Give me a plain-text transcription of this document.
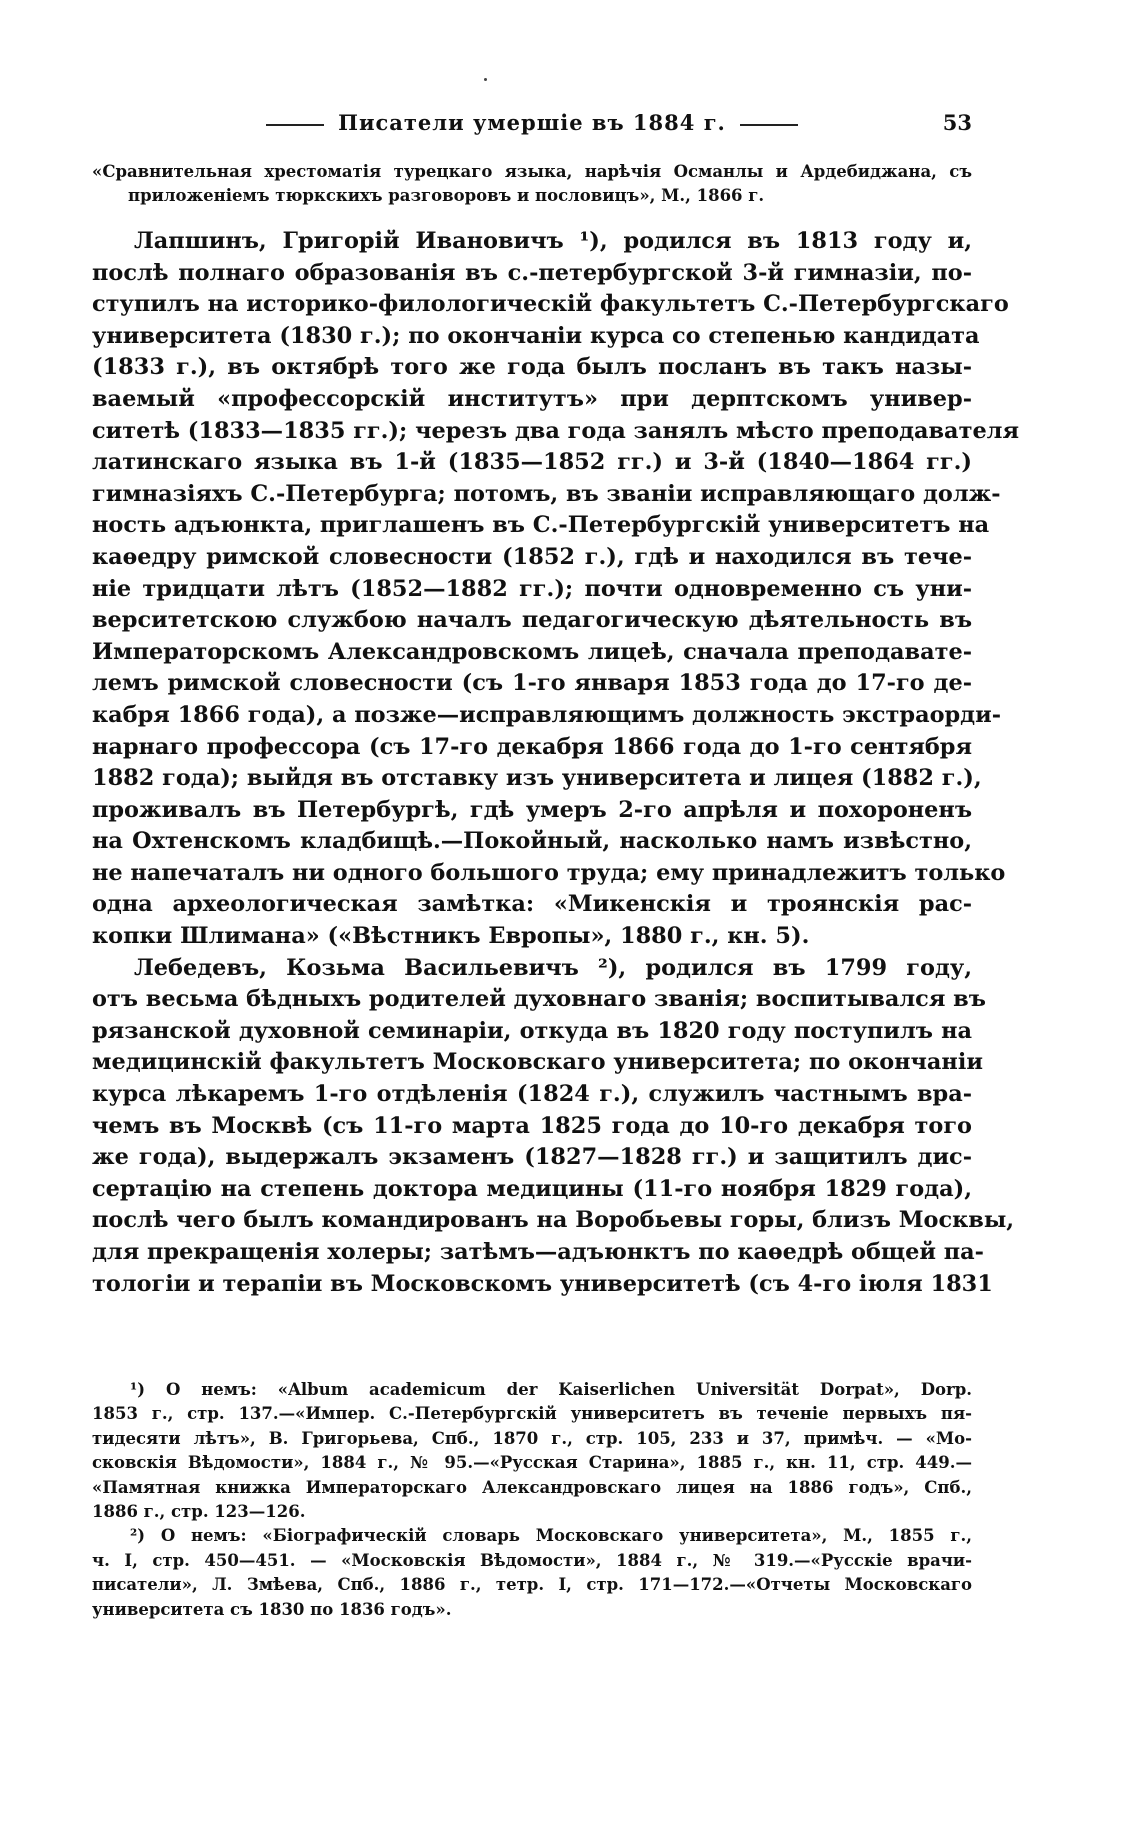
Писатели умершіе въ 1884 г.	53
«Сравнительная хрестоматія турецкаго языка, нарѣчія Османлы и Ардебиджана, съ
приложеніемъ тюркскихъ разговоровъ и пословицъ», М., 1866 г.
Лапшинъ, Григорій Ивановичъ ¹), родился въ 1813 году и,
послѣ полнаго образованія въ с.-петербургской 3-й гимназіи, по-
ступилъ на историко-филологическій факультетъ С.-Петербургскаго
университета (1830 г.); по окончаніи курса со степенью кандидата
(1833 г.), въ октябрѣ того же года былъ посланъ въ такъ назы-
ваемый «профессорскій институтъ» при дерптскомъ универ-
ситетѣ (1833—1835 гг.); черезъ два года занялъ мѣсто преподавателя
латинскаго языка въ 1-й (1835—1852 гг.) и 3-й (1840—1864 гг.)
гимназіяхъ С.-Петербурга; потомъ, въ званіи исправляющаго долж-
ность адъюнкта, приглашенъ въ С.-Петербургскій университетъ на
каѳедру римской словесности (1852 г.), гдѣ и находился въ тече-
ніе тридцати лѣтъ (1852—1882 гг.); почти одновременно съ уни-
верситетскою службою началъ педагогическую дѣятельность въ
Императорскомъ Александровскомъ лицеѣ, сначала преподавате-
лемъ римской словесности (съ 1-го января 1853 года до 17-го де-
кабря 1866 года), а позже—исправляющимъ должность экстраорди-
нарнаго профессора (съ 17-го декабря 1866 года до 1-го сентября
1882 года); выйдя въ отставку изъ университета и лицея (1882 г.),
проживалъ въ Петербургѣ, гдѣ умеръ 2-го апрѣля и похороненъ
на Охтенскомъ кладбищѣ.—Покойный, насколько намъ извѣстно,
не напечаталъ ни одного большого труда; ему принадлежитъ только
одна археологическая замѣтка: «Микенскія и троянскія рас-
копки Шлимана» («Вѣстникъ Европы», 1880 г., кн. 5).
Лебедевъ, Козьма Васильевичъ ²), родился въ 1799 году,
отъ весьма бѣдныхъ родителей духовнаго званія; воспитывался въ
рязанской духовной семинаріи, откуда въ 1820 году поступилъ на
медицинскій факультетъ Московскаго университета; по окончаніи
курса лѣкаремъ 1-го отдѣленія (1824 г.), служилъ частнымъ вра-
чемъ въ Москвѣ (съ 11-го марта 1825 года до 10-го декабря того
же года), выдержалъ экзаменъ (1827—1828 гг.) и защитилъ дис-
сертацію на степень доктора медицины (11-го ноября 1829 года),
послѣ чего былъ командированъ на Воробьевы горы, близъ Москвы,
для прекращенія холеры; затѣмъ—адъюнктъ по каѳедрѣ общей па-
тологіи и терапіи въ Московскомъ университетѣ (съ 4-го іюля 1831
¹) О немъ: «Album academicum der Kaiserlichen Universität Dorpat», Dorp.
1853 г., стр. 137.—«Импер. С.-Петербургскій университетъ въ теченіе первыхъ пя-
тидесяти лѣтъ», В. Григорьева, Спб., 1870 г., стр. 105, 233 и 37, примѣч. — «Мо-
сковскія Вѣдомости», 1884 г., № 95.—«Русская Старина», 1885 г., кн. 11, стр. 449.—
«Памятная книжка Императорскаго Александровскаго лицея на 1886 годъ», Спб.,
1886 г., стр. 123—126.
²) О немъ: «Біографическій словарь Московскаго университета», М., 1855 г.,
ч. I, стр. 450—451. — «Московскія Вѣдомости», 1884 г., № 319.—«Русскіе врачи-
писатели», Л. Змѣева, Спб., 1886 г., тетр. I, стр. 171—172.—«Отчеты Московскаго
университета съ 1830 по 1836 годъ».
